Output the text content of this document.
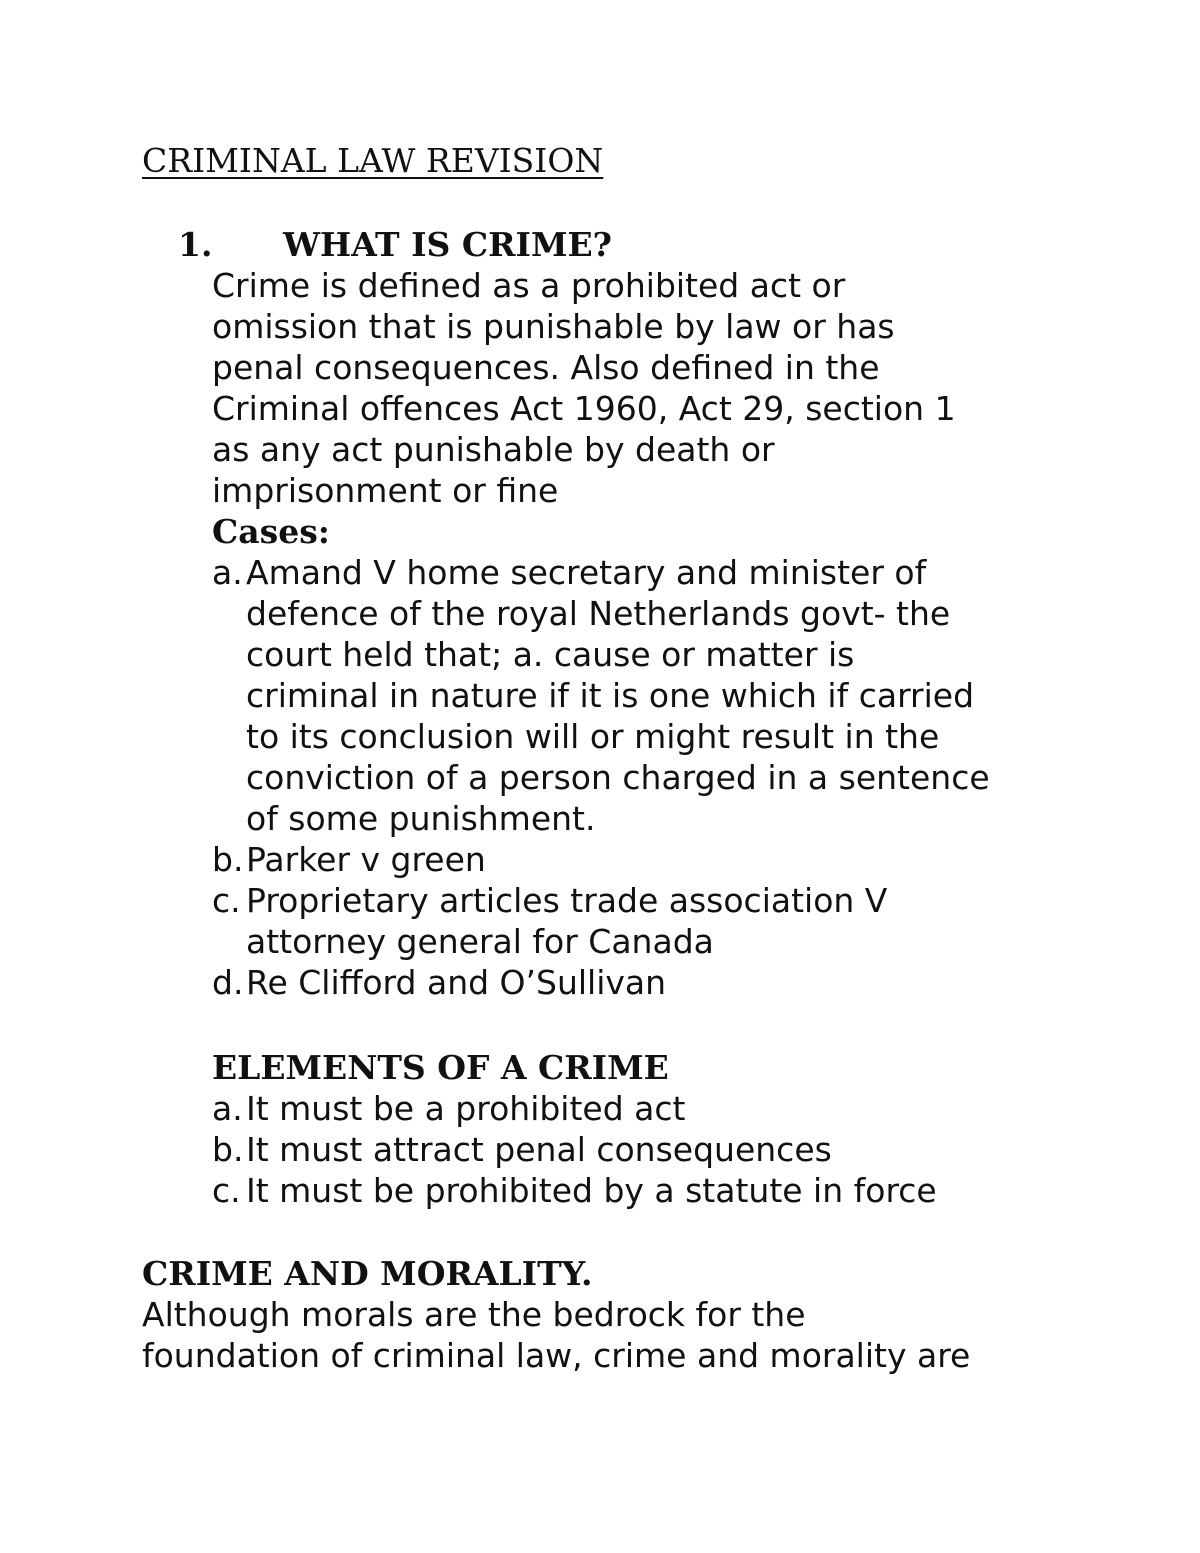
CRIMINAL LAW REVISION
1. WHAT IS CRIME?
Crime is defined as a prohibited act or
omission that is punishable by law or has
penal consequences. Also defined in the
Criminal offences Act 1960, Act 29, section 1
as any act punishable by death or
imprisonment or fine
Cases:
a. Amand V home secretary and minister of
defence of the royal Netherlands govt- the
court held that; a. cause or matter is
criminal in nature if it is one which if carried
to its conclusion will or might result in the
conviction of a person charged in a sentence
of some punishment.
b. Parker v green
c. Proprietary articles trade association V
attorney general for Canada
d. Re Clifford and O’Sullivan
ELEMENTS OF A CRIME
a. It must be a prohibited act
b. It must attract penal consequences
c. It must be prohibited by a statute in force
CRIME AND MORALITY.
Although morals are the bedrock for the
foundation of criminal law, crime and morality are
